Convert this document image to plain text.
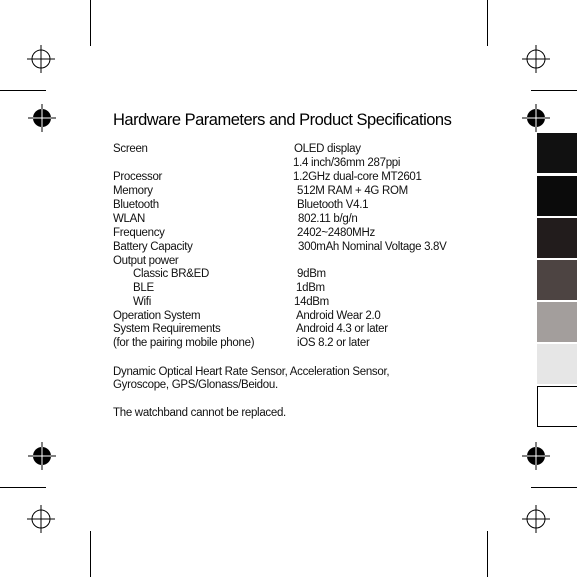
Hardware Parameters and Product Specifications
Screen	OLED display
1.4 inch/36mm 287ppi
Processor	1.2GHz dual-core MT2601
Memory	512M RAM + 4G ROM
Bluetooth	Bluetooth V4.1
WLAN	802.11 b/g/n
Frequency	2402~2480MHz
Battery Capacity	300mAh Nominal Voltage 3.8V
Output power
Classic BR&ED	9dBm
BLE	1dBm
Wifi	14dBm
Operation System	Android Wear 2.0
System Requirements	Android 4.3 or later
(for the pairing mobile phone)	iOS 8.2 or later
Dynamic Optical Heart Rate Sensor, Acceleration Sensor,
Gyroscope, GPS/Glonass/Beidou.
The watchband cannot be replaced.
